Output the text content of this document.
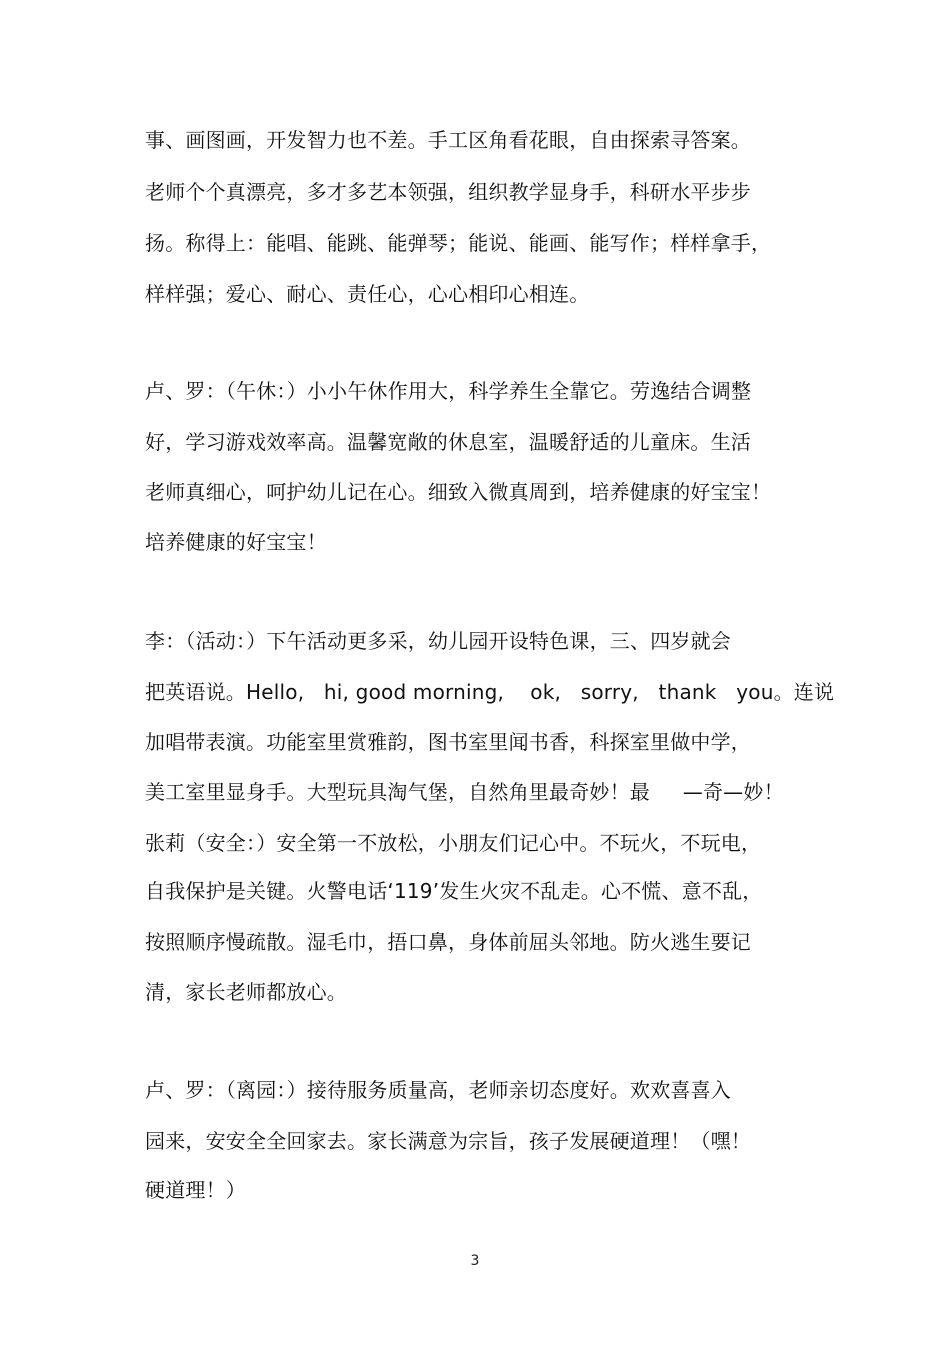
事、画图画，开发智力也不差。手工区角看花眼，自由探索寻答案。
老师个个真漂亮，多才多艺本领强，组织教学显身手，科研水平步步
扬。称得上：能唱、能跳、能弹琴；能说、能画、能写作；样样拿手，
样样强；爱心、耐心、责任心，心心相印心相连。
卢、罗：（午休：）小小午休作用大，科学养生全靠它。劳逸结合调整
好，学习游戏效率高。温馨宽敞的休息室，温暖舒适的儿童床。生活
老师真细心，呵护幼儿记在心。细致入微真周到，培养健康的好宝宝！
培养健康的好宝宝！
李：（活动：）下午活动更多采，幼儿园开设特色课，三、四岁就会
把英语说。Hello,   hi, good morning,    ok,   sorry,   thank   you。连说
加唱带表演。功能室里赏雅韵，图书室里闻书香，科探室里做中学，
美工室里显身手。大型玩具淘气堡，自然角里最奇妙！最     —奇—妙！
张莉（安全：）安全第一不放松，小朋友们记心中。不玩火，不玩电，
自我保护是关键。火警电话‘119’发生火灾不乱走。心不慌、意不乱，
按照顺序慢疏散。湿毛巾，捂口鼻，身体前屈头邻地。防火逃生要记
清，家长老师都放心。
卢、罗：（离园：）接待服务质量高，老师亲切态度好。欢欢喜喜入
园来，安安全全回家去。家长满意为宗旨，孩子发展硬道理！（嘿！
硬道理！）
3
